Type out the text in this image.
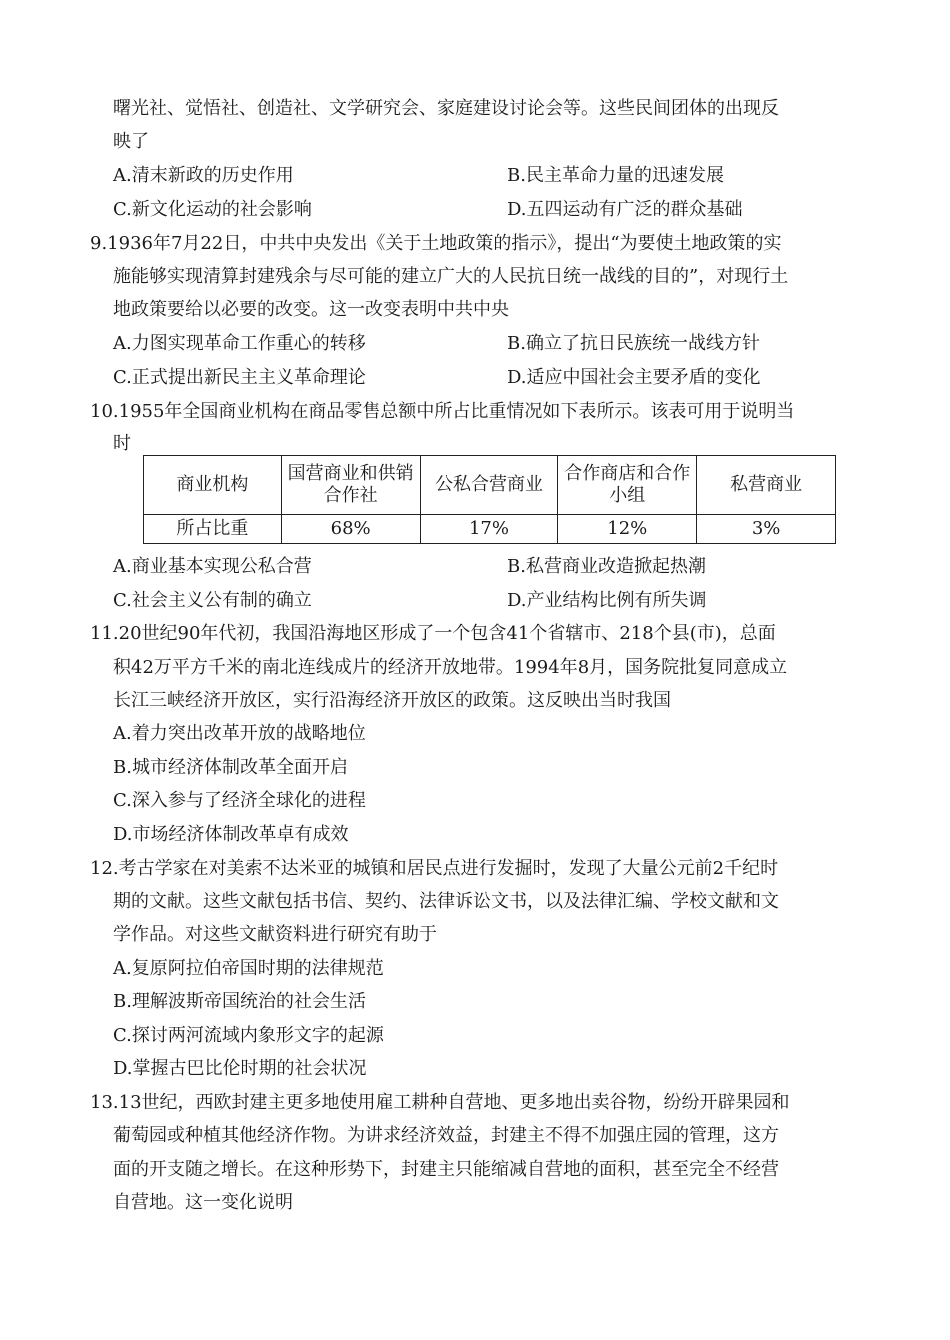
曙光社、觉悟社、创造社、文学研究会、家庭建设讨论会等。这些民间团体的出现反
映了
A.清末新政的历史作用	B.民主革命力量的迅速发展
C.新文化运动的社会影响	D.五四运动有广泛的群众基础
9.1936年7月22日，中共中央发出《关于土地政策的指示》，提出“为要使土地政策的实
施能够实现清算封建残余与尽可能的建立广大的人民抗日统一战线的目的”，对现行土
地政策要给以必要的改变。这一改变表明中共中央
A.力图实现革命工作重心的转移	B.确立了抗日民族统一战线方针
C.正式提出新民主主义革命理论	D.适应中国社会主要矛盾的变化
10.1955年全国商业机构在商品零售总额中所占比重情况如下表所示。该表可用于说明当
时
商业机构	国营商业和供销合作社	公私合营商业	合作商店和合作小组	私营商业
所占比重	68%	17%	12%	3%
A.商业基本实现公私合营	B.私营商业改造掀起热潮
C.社会主义公有制的确立	D.产业结构比例有所失调
11.20世纪90年代初，我国沿海地区形成了一个包含41个省辖市、218个县(市)，总面
积42万平方千米的南北连线成片的经济开放地带。1994年8月，国务院批复同意成立
长江三峡经济开放区，实行沿海经济开放区的政策。这反映出当时我国
A.着力突出改革开放的战略地位
B.城市经济体制改革全面开启
C.深入参与了经济全球化的进程
D.市场经济体制改革卓有成效
12.考古学家在对美索不达米亚的城镇和居民点进行发掘时，发现了大量公元前2千纪时
期的文献。这些文献包括书信、契约、法律诉讼文书，以及法律汇编、学校文献和文
学作品。对这些文献资料进行研究有助于
A.复原阿拉伯帝国时期的法律规范
B.理解波斯帝国统治的社会生活
C.探讨两河流域内象形文字的起源
D.掌握古巴比伦时期的社会状况
13.13世纪，西欧封建主更多地使用雇工耕种自营地、更多地出卖谷物，纷纷开辟果园和
葡萄园或种植其他经济作物。为讲求经济效益，封建主不得不加强庄园的管理，这方
面的开支随之增长。在这种形势下，封建主只能缩减自营地的面积，甚至完全不经营
自营地。这一变化说明
